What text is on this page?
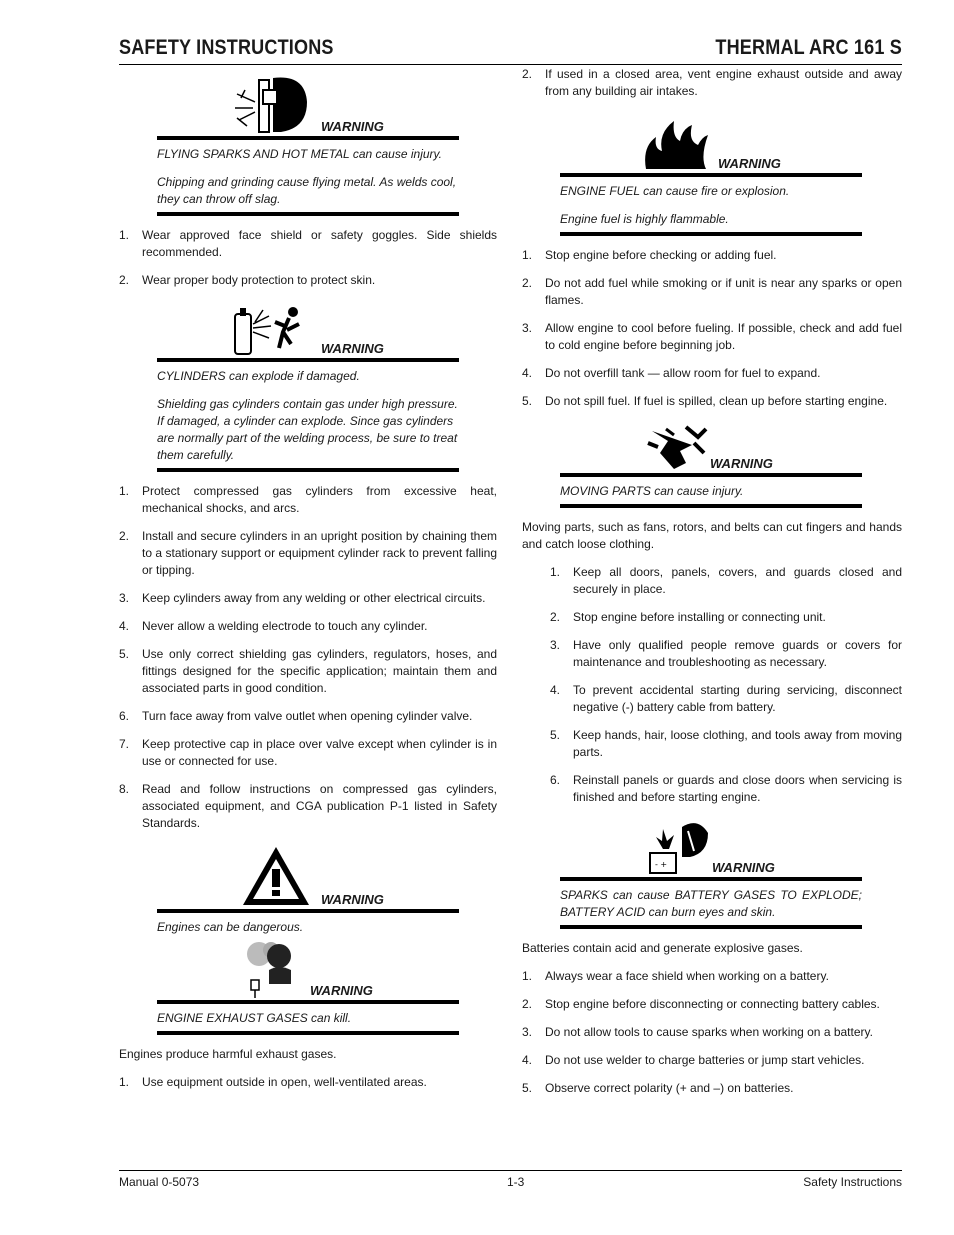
SAFETY INSTRUCTIONS	THERMAL ARC 161 S
WARNING

FLYING SPARKS AND HOT METAL can cause injury.

Chipping and grinding cause flying metal. As welds cool, they can throw off slag.

1. Wear approved face shield or safety goggles. Side shields recommended.
2. Wear proper body protection to protect skin.
WARNING

CYLINDERS can explode if damaged.

Shielding gas cylinders contain gas under high pressure. If damaged, a cylinder can explode. Since gas cylinders are normally part of the welding process, be sure to treat them carefully.

1. Protect compressed gas cylinders from excessive heat, mechanical shocks, and arcs.
2. Install and secure cylinders in an upright position by chaining them to a stationary support or equipment cylinder rack to prevent falling or tipping.
3. Keep cylinders away from any welding or other electrical circuits.
4. Never allow a welding electrode to touch any cylinder.
5. Use only correct shielding gas cylinders, regulators, hoses, and fittings designed for the specific application; maintain them and associated parts in good condition.
6. Turn face away from valve outlet when opening cylinder valve.
7. Keep protective cap in place over valve except when cylinder is in use or connected for use.
8. Read and follow instructions on compressed gas cylinders, associated equipment, and CGA publication P-1 listed in Safety Standards.
WARNING

Engines can be dangerous.

WARNING

ENGINE EXHAUST GASES can kill.

Engines produce harmful exhaust gases.

1. Use equipment outside in open, well-ventilated areas.
2. If used in a closed area, vent engine exhaust outside and away from any building air intakes.
WARNING

ENGINE FUEL can cause fire or explosion.

Engine fuel is highly flammable.

1. Stop engine before checking or adding fuel.
2. Do not add fuel while smoking or if unit is near any sparks or open flames.
3. Allow engine to cool before fueling. If possible, check and add fuel to cold engine before beginning job.
4. Do not overfill tank — allow room for fuel to expand.
5. Do not spill fuel. If fuel is spilled, clean up before starting engine.
WARNING

MOVING PARTS can cause injury.

Moving parts, such as fans, rotors, and belts can cut fingers and hands and catch loose clothing.

1. Keep all doors, panels, covers, and guards closed and securely in place.
2. Stop engine before installing or connecting unit.
3. Have only qualified people remove guards or covers for maintenance and troubleshooting as necessary.
4. To prevent accidental starting during servicing, disconnect negative (-) battery cable from battery.
5. Keep hands, hair, loose clothing, and tools away from moving parts.
6. Reinstall panels or guards and close doors when servicing is finished and before starting engine.
- +	WARNING

SPARKS can cause BATTERY GASES TO EXPLODE; BATTERY ACID can burn eyes and skin.

Batteries contain acid and generate explosive gases.

1. Always wear a face shield when working on a battery.
2. Stop engine before disconnecting or connecting battery cables.
3. Do not allow tools to cause sparks when working on a battery.
4. Do not use welder to charge batteries or jump start vehicles.
5. Observe correct polarity (+ and –) on batteries.
Manual 0-5073	1-3	Safety Instructions
